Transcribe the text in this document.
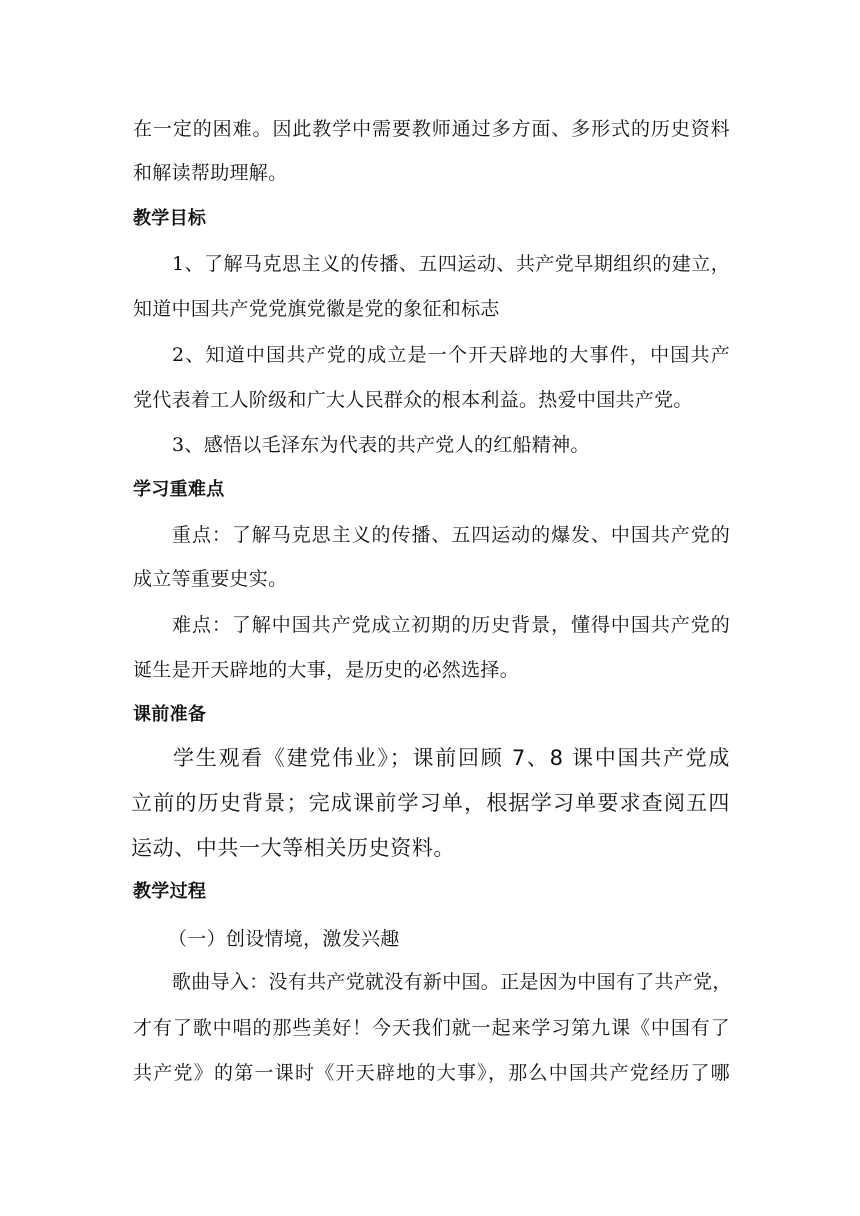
在一定的困难。因此教学中需要教师通过多方面、多形式的历史资料
和解读帮助理解。
教学目标
1、了解马克思主义的传播、五四运动、共产党早期组织的建立，
知道中国共产党党旗党徽是党的象征和标志
2、知道中国共产党的成立是一个开天辟地的大事件，中国共产
党代表着工人阶级和广大人民群众的根本利益。热爱中国共产党。
3、感悟以毛泽东为代表的共产党人的红船精神。
学习重难点
重点：了解马克思主义的传播、五四运动的爆发、中国共产党的
成立等重要史实。
难点：了解中国共产党成立初期的历史背景，懂得中国共产党的
诞生是开天辟地的大事，是历史的必然选择。
课前准备
学生观看《建党伟业》；课前回顾 7、8 课中国共产党成
立前的历史背景；完成课前学习单，根据学习单要求查阅五四
运动、中共一大等相关历史资料。
教学过程
（一）创设情境，激发兴趣
歌曲导入：没有共产党就没有新中国。正是因为中国有了共产党，
才有了歌中唱的那些美好！今天我们就一起来学习第九课《中国有了
共产党》的第一课时《开天辟地的大事》，那么中国共产党经历了哪
